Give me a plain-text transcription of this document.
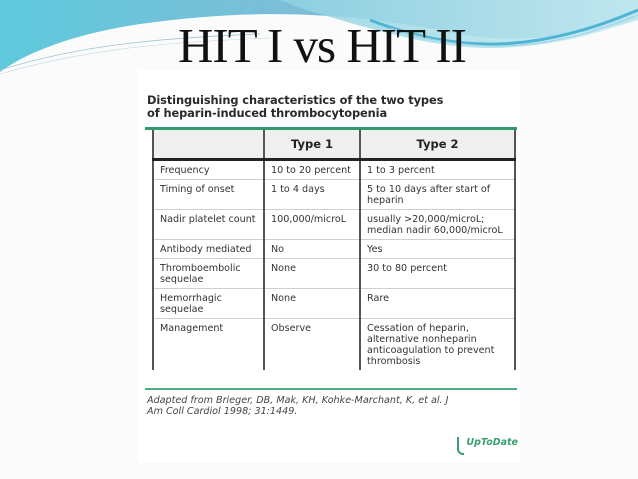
HIT I vs HIT II
Distinguishing characteristics of the two types
of heparin-induced thrombocytopenia
	Type 1	Type 2
Frequency	10 to 20 percent	1 to 3 percent
Timing of onset	1 to 4 days	5 to 10 days after start of heparin
Nadir platelet count	100,000/microL	usually >20,000/microL; median nadir 60,000/microL
Antibody mediated	No	Yes
Thromboembolic sequelae	None	30 to 80 percent
Hemorrhagic sequelae	None	Rare
Management	Observe	Cessation of heparin, alternative nonheparin anticoagulation to prevent thrombosis
Adapted from Brieger, DB, Mak, KH, Kohke-Marchant, K, et al. J
Am Coll Cardiol 1998; 31:1449.
UpToDate
